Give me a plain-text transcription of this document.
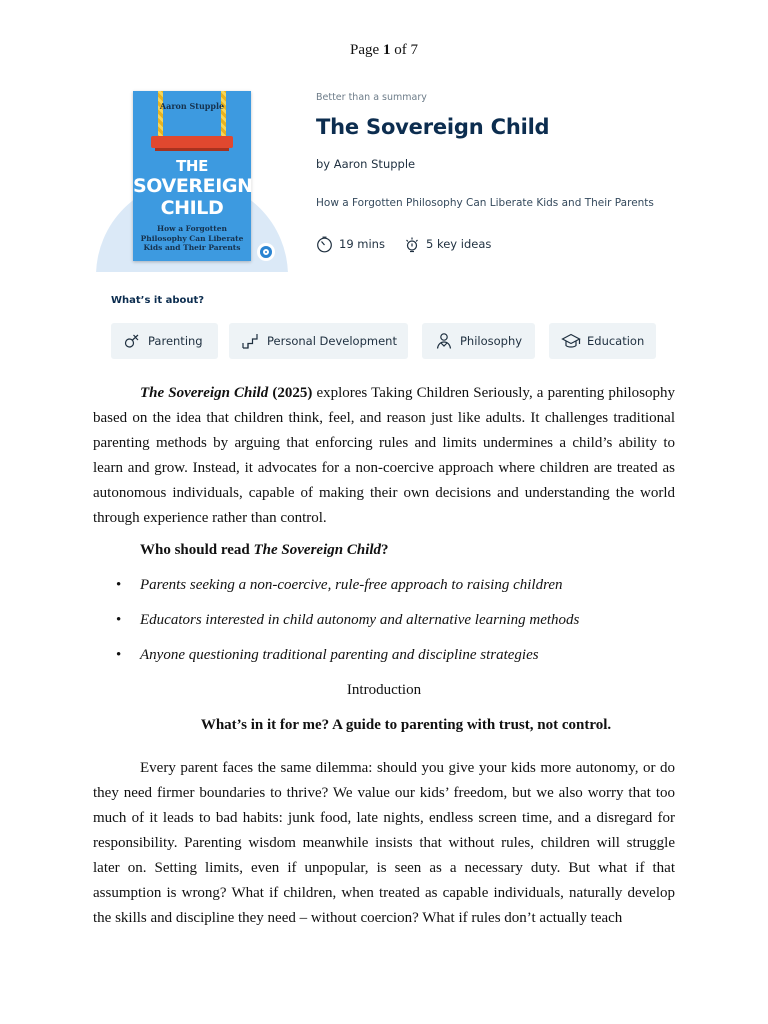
Page 1 of 7
Aaron Stupple
THE
SOVEREIGN
CHILD
How a Forgotten Philosophy Can Liberate Kids and Their Parents
Better than a summary
The Sovereign Child
by Aaron Stupple
How a Forgotten Philosophy Can Liberate Kids and Their Parents
19 mins	5 key ideas
What’s it about?
Parenting	Personal Development	Philosophy	Education
The Sovereign Child (2025) explores Taking Children Seriously, a parenting philosophy based on the idea that children think, feel, and reason just like adults. It challenges traditional parenting methods by arguing that enforcing rules and limits undermines a child’s ability to learn and grow. Instead, it advocates for a non-coercive approach where children are treated as autonomous individuals, capable of making their own decisions and understanding the world through experience rather than control.
Who should read The Sovereign Child?
• Parents seeking a non-coercive, rule-free approach to raising children
• Educators interested in child autonomy and alternative learning methods
• Anyone questioning traditional parenting and discipline strategies
Introduction
What’s in it for me? A guide to parenting with trust, not control.
Every parent faces the same dilemma: should you give your kids more autonomy, or do they need firmer boundaries to thrive? We value our kids’ freedom, but we also worry that too much of it leads to bad habits: junk food, late nights, endless screen time, and a disregard for responsibility. Parenting wisdom meanwhile insists that without rules, children will struggle later on. Setting limits, even if unpopular, is seen as a necessary duty. But what if that assumption is wrong? What if children, when treated as capable individuals, naturally develop the skills and discipline they need – without coercion? What if rules don’t actually teach
